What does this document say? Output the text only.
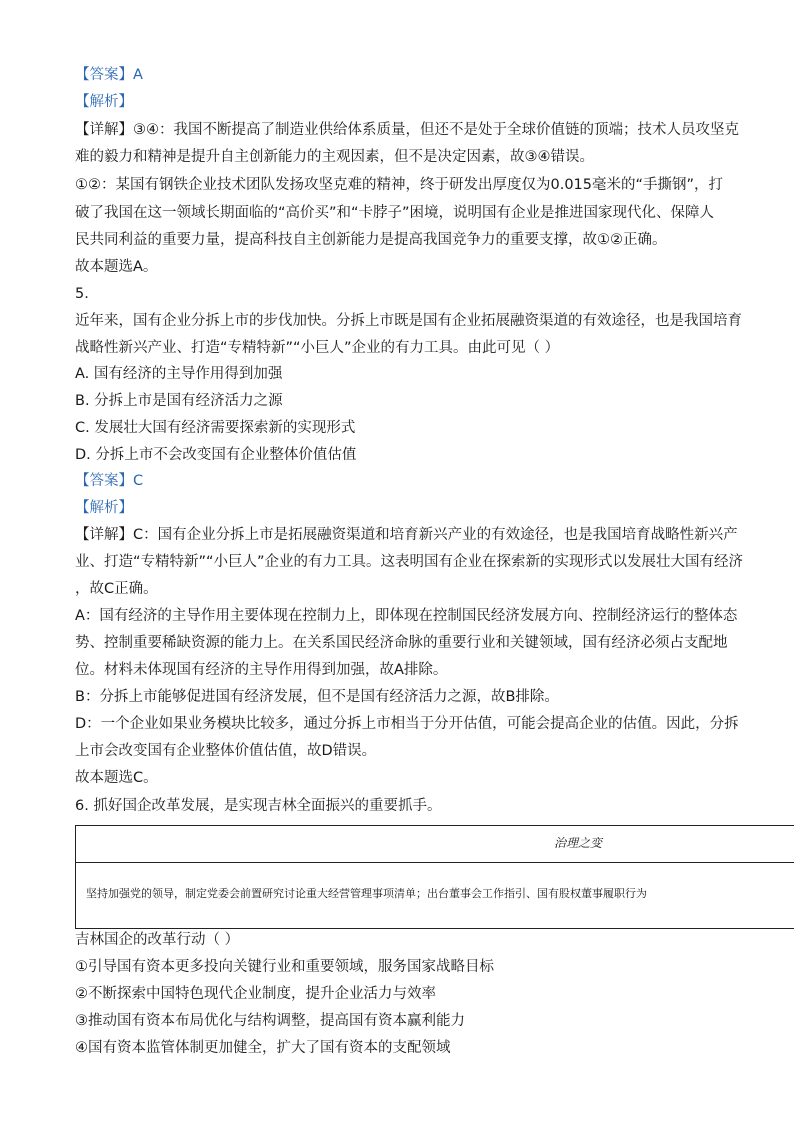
【答案】A
【解析】
【详解】③④：我国不断提高了制造业供给体系质量，但还不是处于全球价值链的顶端；技术人员攻坚克
难的毅力和精神是提升自主创新能力的主观因素，但不是决定因素，故③④错误。
①②：某国有钢铁企业技术团队发扬攻坚克难的精神，终于研发出厚度仅为0.015毫米的“手撕钢”，打
破了我国在这一领域长期面临的“高价买”和“卡脖子”困境，说明国有企业是推进国家现代化、保障人
民共同利益的重要力量，提高科技自主创新能力是提高我国竞争力的重要支撑，故①②正确。
故本题选A。
5.
近年来，国有企业分拆上市的步伐加快。分拆上市既是国有企业拓展融资渠道的有效途径，也是我国培育
战略性新兴产业、打造“专精特新”“小巨人”企业的有力工具。由此可见（ ）
A. 国有经济的主导作用得到加强
B. 分拆上市是国有经济活力之源
C. 发展壮大国有经济需要探索新的实现形式
D. 分拆上市不会改变国有企业整体价值估值
【答案】C
【解析】
【详解】C：国有企业分拆上市是拓展融资渠道和培育新兴产业的有效途径，也是我国培育战略性新兴产
业、打造“专精特新”“小巨人”企业的有力工具。这表明国有企业在探索新的实现形式以发展壮大国有经济
，故C正确。
A：国有经济的主导作用主要体现在控制力上，即体现在控制国民经济发展方向、控制经济运行的整体态
势、控制重要稀缺资源的能力上。在关系国民经济命脉的重要行业和关键领域，国有经济必须占支配地
位。材料未体现国有经济的主导作用得到加强，故A排除。
B：分拆上市能够促进国有经济发展，但不是国有经济活力之源，故B排除。
D：一个企业如果业务模块比较多，通过分拆上市相当于分开估值，可能会提高企业的估值。因此，分拆
上市会改变国有企业整体价值估值，故D错误。
故本题选C。
6. 抓好国企改革发展，是实现吉林全面振兴的重要抓手。
治理之变
坚持加强党的领导，制定党委会前置研究讨论重大经营管理事项清单；出台董事会工作指引、国有股权董事履职行为
吉林国企的改革行动（ ）
①引导国有资本更多投向关键行业和重要领域，服务国家战略目标
②不断探索中国特色现代企业制度，提升企业活力与效率
③推动国有资本布局优化与结构调整，提高国有资本赢利能力
④国有资本监管体制更加健全，扩大了国有资本的支配领域
